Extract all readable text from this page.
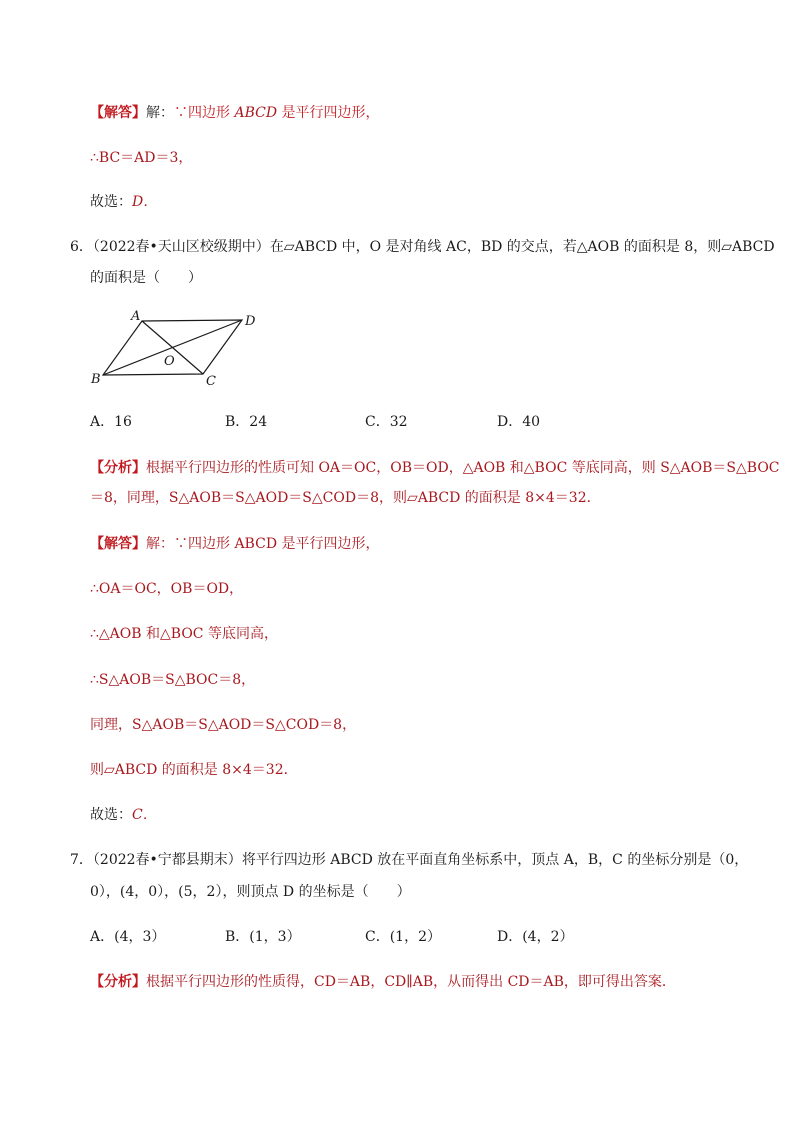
【解答】解：∵四边形 ABCD 是平行四边形，
∴BC＝AD＝3，
故选：D．
6．（2022春•天山区校级期中）在▱ABCD 中，O 是对角线 AC，BD 的交点，若△AOB 的面积是 8，则▱ABCD
的面积是（　　）
A	D
O
B	C
A．16	B．24	C．32	D．40
【分析】根据平行四边形的性质可知 OA＝OC，OB＝OD，△AOB 和△BOC 等底同高，则 S△AOB＝S△BOC
＝8，同理，S△AOB＝S△AOD＝S△COD＝8，则▱ABCD 的面积是 8×4＝32．
【解答】解：∵四边形 ABCD 是平行四边形，
∴OA＝OC，OB＝OD，
∴△AOB 和△BOC 等底同高，
∴S△AOB＝S△BOC＝8，
同理，S△AOB＝S△AOD＝S△COD＝8，
则▱ABCD 的面积是 8×4＝32．
故选：C．
7．（2022春•宁都县期末）将平行四边形 ABCD 放在平面直角坐标系中，顶点 A，B，C 的坐标分别是（0，
0），(4，0），(5，2），则顶点 D 的坐标是（　　）
A．(4，3）	B．(1，3）	C．(1，2）	D．(4，2）
【分析】根据平行四边形的性质得，CD＝AB，CD∥AB，从而得出 CD＝AB，即可得出答案．
